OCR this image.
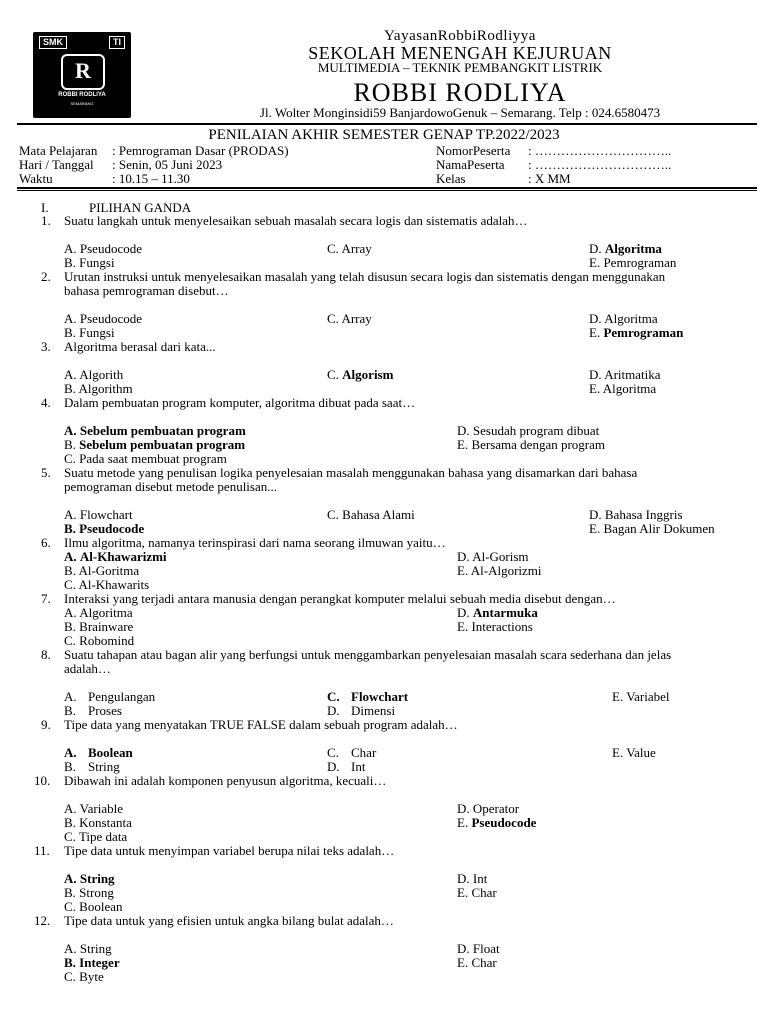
SMK	TI
R
ROBBI RODLIYA
SEMARANG
YayasanRobbiRodliyya
SEKOLAH MENENGAH KEJURUAN
MULTIMEDIA – TEKNIK PEMBANGKIT LISTRIK
ROBBI RODLIYA
Jl. Wolter Monginsidi59 BanjardowoGenuk – Semarang. Telp : 024.6580473
PENILAIAN AKHIR SEMESTER GENAP TP.2022/2023
Mata Pelajaran : Pemrograman Dasar (PRODAS)	NomorPeserta : …………………………..
Hari / Tanggal : Senin, 05 Juni 2023	NamaPeserta : …………………………..
Waktu	: 10.15 – 11.30	Kelas	: X MM
I.	PILIHAN GANDA
1. Suatu langkah untuk menyelesaikan sebuah masalah secara logis dan sistematis adalah…
A. Pseudocode	C. Array	D. Algoritma
B. Fungsi	E. Pemrograman
2. Urutan instruksi untuk menyelesaikan masalah yang telah disusun secara logis dan sistematis dengan menggunakan
bahasa pemrograman disebut…
A. Pseudocode	C. Array	D. Algoritma
B. Fungsi	E. Pemrograman
3. Algoritma berasal dari kata...
A. Algorith	C. Algorism	D. Aritmatika
B. Algorithm	E. Algoritma
4. Dalam pembuatan program komputer, algoritma dibuat pada saat…
A. Sebelum pembuatan program	D. Sesudah program dibuat
B. Sebelum pembuatan program	E. Bersama dengan program
C. Pada saat membuat program
5. Suatu metode yang penulisan logika penyelesaian masalah menggunakan bahasa yang disamarkan dari bahasa
pemograman disebut metode penulisan...
A. Flowchart	C. Bahasa Alami	D. Bahasa Inggris
B. Pseudocode	E. Bagan Alir Dokumen
6. Ilmu algoritma, namanya terinspirasi dari nama seorang ilmuwan yaitu…
A. Al-Khawarizmi	D. Al-Gorism
B. Al-Goritma	E. Al-Algorizmi
C. Al-Khawarits
7. Interaksi yang terjadi antara manusia dengan perangkat komputer melalui sebuah media disebut dengan…
A. Algoritma	D. Antarmuka
B. Brainware	E. Interactions
C. Robomind
8. Suatu tahapan atau bagan alir yang berfungsi untuk menggambarkan penyelesaian masalah scara sederhana dan jelas
adalah…
A. Pengulangan	C. Flowchart	E. Variabel
B. Proses	D. Dimensi
9. Tipe data yang menyatakan TRUE FALSE dalam sebuah program adalah…
A. Boolean	C. Char	E. Value
B. String	D. Int
10. Dibawah ini adalah komponen penyusun algoritma, kecuali…
A. Variable	D. Operator
B. Konstanta	E. Pseudocode
C. Tipe data
11. Tipe data untuk menyimpan variabel berupa nilai teks adalah…
A. String	D. Int
B. Strong	E. Char
C. Boolean
12. Tipe data untuk yang efisien untuk angka bilang bulat adalah…
A. String	D. Float
B. Integer	E. Char
C. Byte
